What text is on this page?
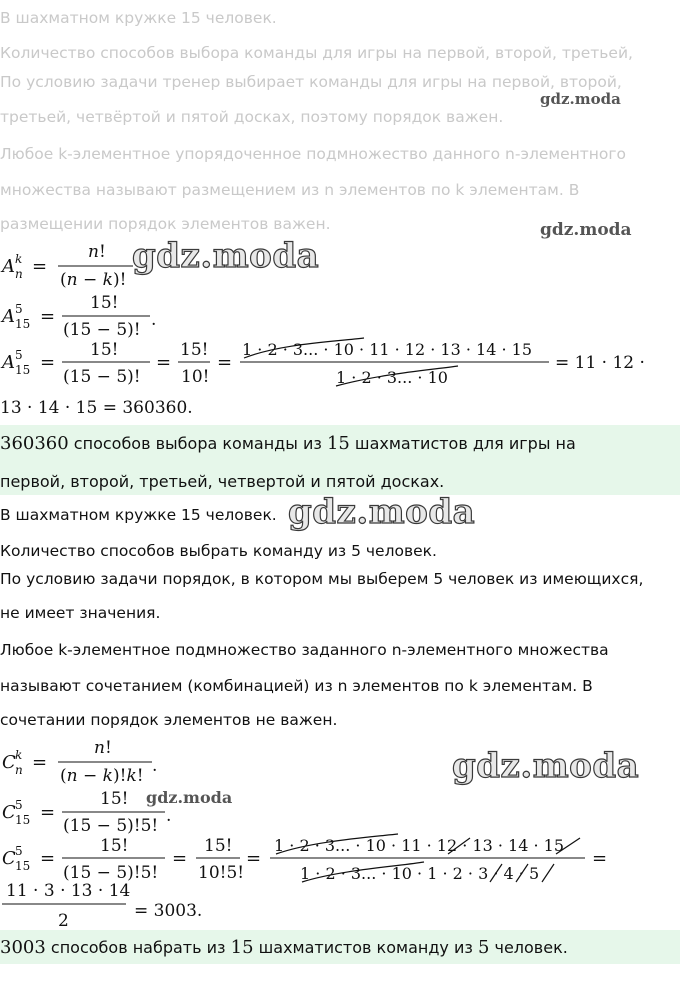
В шахматном кружке 15 человек.
Количество способов выбора команды для игры на первой, второй, третьей,
По условию задачи тренер выбирает команды для игры на первой, второй,
третьей, четвёртой и пятой досках, поэтому порядок важен.
Любое k-элементное упорядоченное подмножество данного n-элементного
множества называют размещением из n элементов по k элементам. В
размещении порядок элементов важен.
A k
n =
n!
(n − k)!
A 5
15 =
15!
(15 − 5)! .
A 5
15 =
15!
(15 − 5)!
=
15!
10!
=
1 · 2 · 3... · 10 · 11 · 12 · 13 · 14 · 15
1 · 2 · 3... · 10
= 11 · 12 ·
13 · 14 · 15 = 360360.
360360 способов выбора команды из 15 шахматистов для игры на
первой, второй, третьей, четвертой и пятой досках.
В шахматном кружке 15 человек.
Количество способов выбрать команду из 5 человек.
По условию задачи порядок, в котором мы выберем 5 человек из имеющихся,
не имеет значения.
Любое k-элементное подмножество заданного n-элементного множества
называют сочетанием (комбинацией) из n элементов по k элементам. В
сочетании порядок элементов не важен.
C k
n =
n!
(n − k)!k! .
C 5
15 =
15!
(15 − 5)!5! .
C 5
15 =
15!
(15 − 5)!5!
=
15!
10!5!
=
1 · 2 · 3... · 10 · 11 · 12 · 13 · 14 · 15
1 · 2 · 3... · 10 · 1 · 2 · 3 · 4 · 5
=
11 · 3 · 13 · 14
2	= 3003.
3003 способов набрать из 15 шахматистов команду из 5 человек.
gdz.moda
gdz.moda
gdz.moda
gdz.moda
gdz.moda
gdz.moda
